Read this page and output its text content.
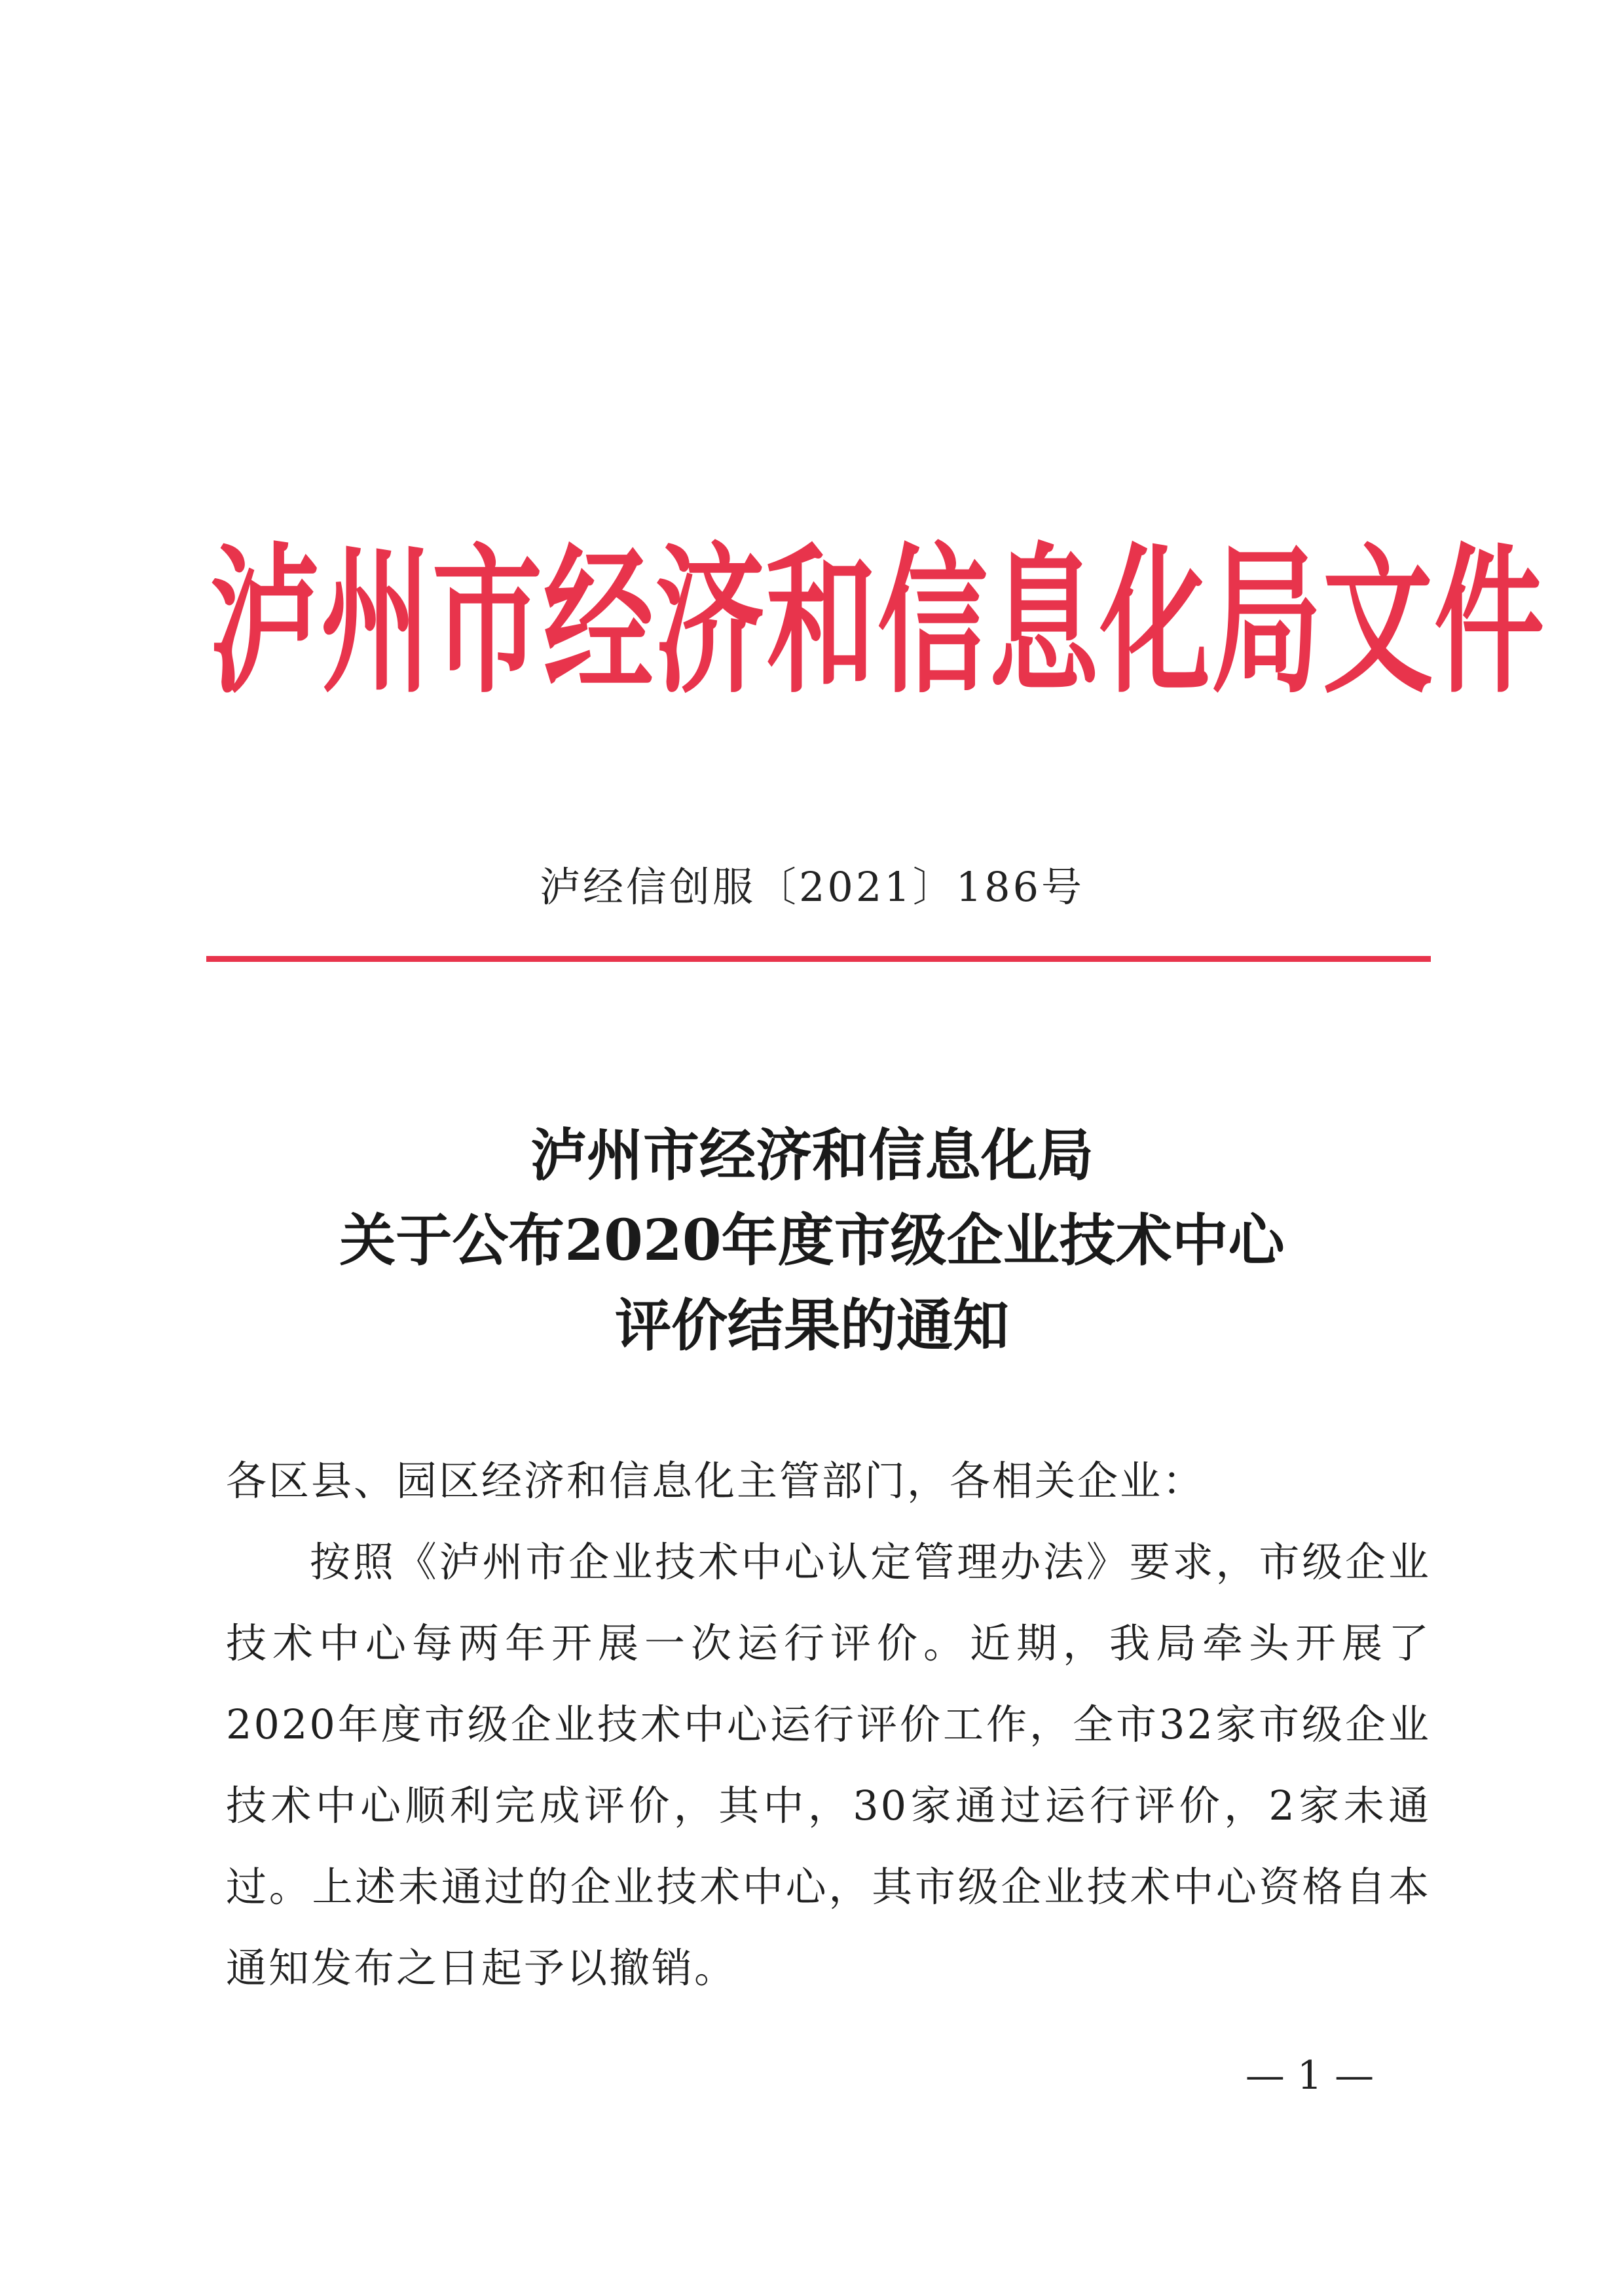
泸州市经济和信息化局文件
泸经信创服〔2021〕186号
泸州市经济和信息化局
关于公布2020年度市级企业技术中心
评价结果的通知

各区县、园区经济和信息化主管部门，各相关企业：

按照《泸州市企业技术中心认定管理办法》要求，市级企业技术中心每两年开展一次运行评价。近期，我局牵头开展了2020年度市级企业技术中心运行评价工作，全市32家市级企业技术中心顺利完成评价，其中，30家通过运行评价，2家未通过。上述未通过的企业技术中心，其市级企业技术中心资格自本通知发布之日起予以撤销。

— 1 —
